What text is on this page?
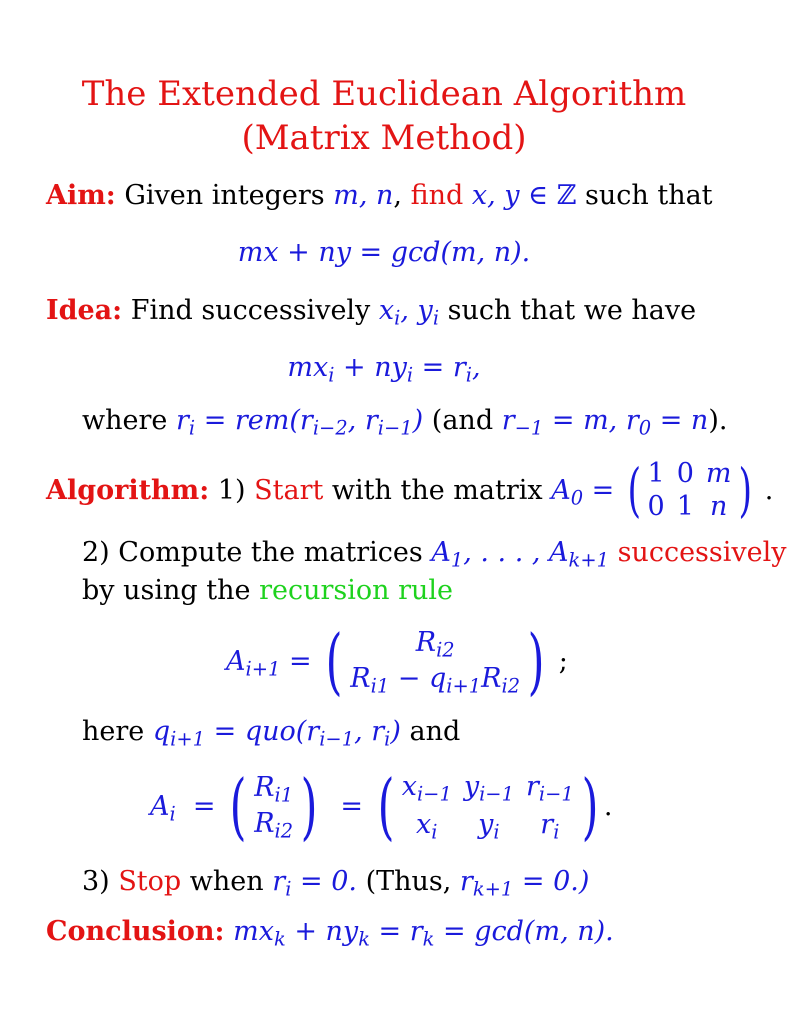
The Extended Euclidean Algorithm
(Matrix Method)
Aim: Given integers m, n, find x, y ∈ ℤ such that
mx + ny = gcd(m, n).
Idea: Find successively $x_i$, $y_i$ such that we have
$mx_i + ny_i = r_i$,
where $r_i = rem(r_{i-2}$, $r_{i-1}$) (and $r_{-1} = m$, $r_0 = n$).
Algorithm:
1)
Start
with the matrix
$A_0$
=
( 1 0 m
0 1 n )
.
2) Compute the matrices $A_1$, . . . , $A_{k+1}$ successively
by using the recursion rule
$A_{i+1}$
=
(	$R_{i2}$
$R_{i1} - q_{i+1}R_{i2}$ )
;
here $q_{i+1} = quo(r_{i-1}$, $r_i$) and
$A_i$
=
( $R_{i1}$
$R_{i2}$ )
=
( $x_{i-1}$ $y_{i-1}$ $r_{i-1}$
$x_i$ $y_i$ $r_i$ ) .
3) Stop when $r_i = 0$. (Thus, $r_{k+1} = 0$.)
Conclusion: $mx_k + ny_k = r_k = \gcd(m$, n).
